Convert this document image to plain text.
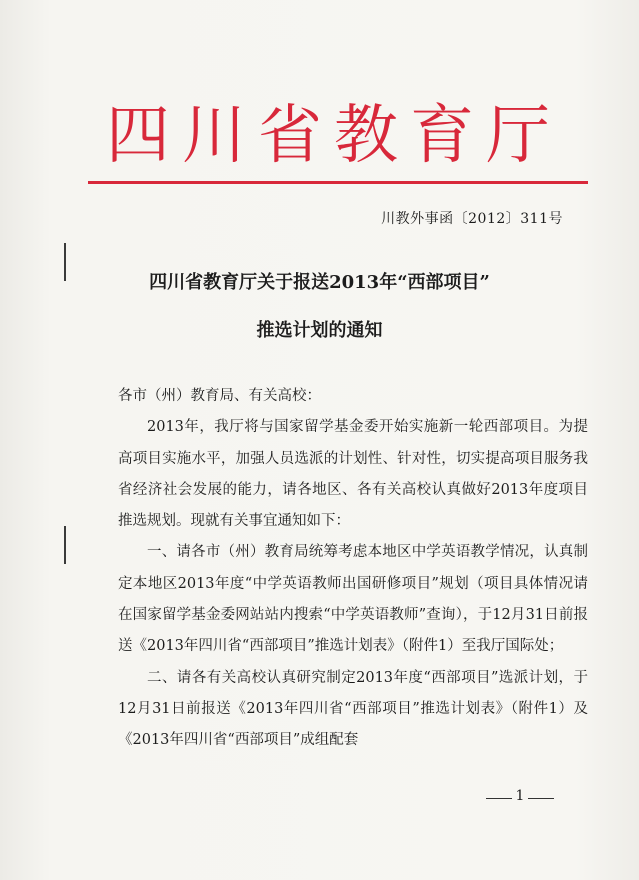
四川省教育厅
川教外事函〔2012〕311号
四川省教育厅关于报送2013年“西部项目”
推选计划的通知

各市（州）教育局、有关高校：

2013年，我厅将与国家留学基金委开始实施新一轮西部项目。为提高项目实施水平，加强人员选派的计划性、针对性，切实提高项目服务我省经济社会发展的能力，请各地区、各有关高校认真做好2013年度项目推选规划。现就有关事宜通知如下：

一、请各市（州）教育局统筹考虑本地区中学英语教学情况，认真制定本地区2013年度“中学英语教师出国研修项目”规划（项目具体情况请在国家留学基金委网站站内搜索“中学英语教师”查询），于12月31日前报送《2013年四川省“西部项目”推选计划表》（附件1）至我厅国际处；

二、请各有关高校认真研究制定2013年度“西部项目”选派计划，于12月31日前报送《2013年四川省“西部项目”推选计划表》（附件1）及《2013年四川省“西部项目”成组配套

1
